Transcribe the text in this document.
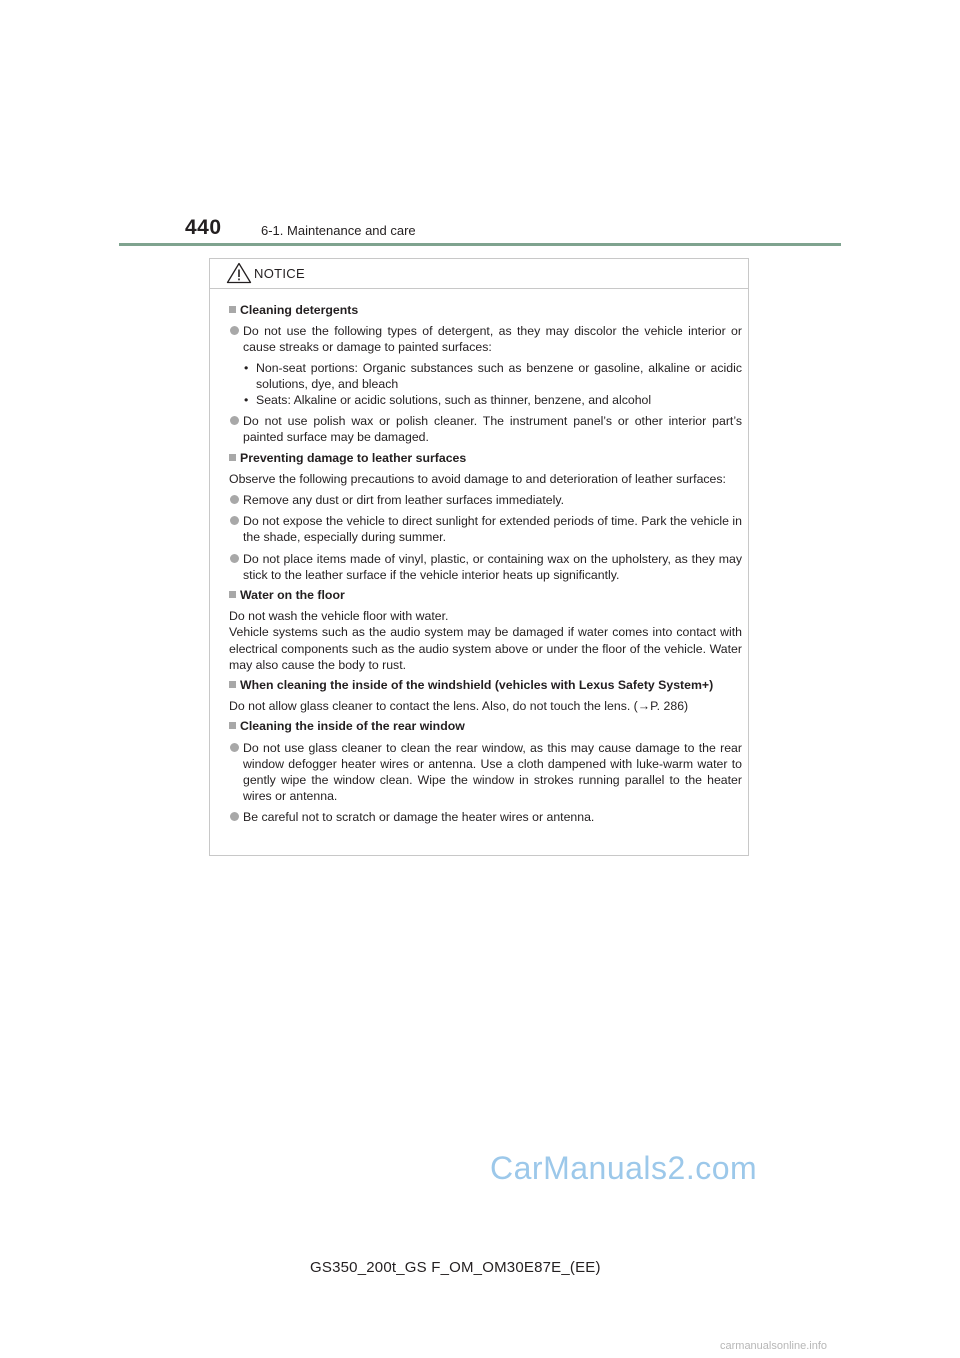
440	6-1. Maintenance and care
NOTICE
Cleaning detergents
Do not use the following types of detergent, as they may discolor the vehicle interior or cause streaks or damage to painted surfaces:
• Non-seat portions: Organic substances such as benzene or gasoline, alkaline or acidic solutions, dye, and bleach
• Seats: Alkaline or acidic solutions, such as thinner, benzene, and alcohol
Do not use polish wax or polish cleaner. The instrument panel’s or other interior part’s painted surface may be damaged.
Preventing damage to leather surfaces
Observe the following precautions to avoid damage to and deterioration of leather surfaces:
Remove any dust or dirt from leather surfaces immediately.
Do not expose the vehicle to direct sunlight for extended periods of time. Park the vehicle in the shade, especially during summer.
Do not place items made of vinyl, plastic, or containing wax on the upholstery, as they may stick to the leather surface if the vehicle interior heats up significantly.
Water on the floor
Do not wash the vehicle floor with water.
Vehicle systems such as the audio system may be damaged if water comes into contact with electrical components such as the audio system above or under the floor of the vehicle. Water may also cause the body to rust.
When cleaning the inside of the windshield (vehicles with Lexus Safety System+)
Do not allow glass cleaner to contact the lens. Also, do not touch the lens. (→P. 286)
Cleaning the inside of the rear window
Do not use glass cleaner to clean the rear window, as this may cause damage to the rear window defogger heater wires or antenna. Use a cloth dampened with luke-warm water to gently wipe the window clean. Wipe the window in strokes running parallel to the heater wires or antenna.
Be careful not to scratch or damage the heater wires or antenna.
GS350_200t_GS F_OM_OM30E87E_(EE)
CarManuals2.com
carmanualsonline.info
